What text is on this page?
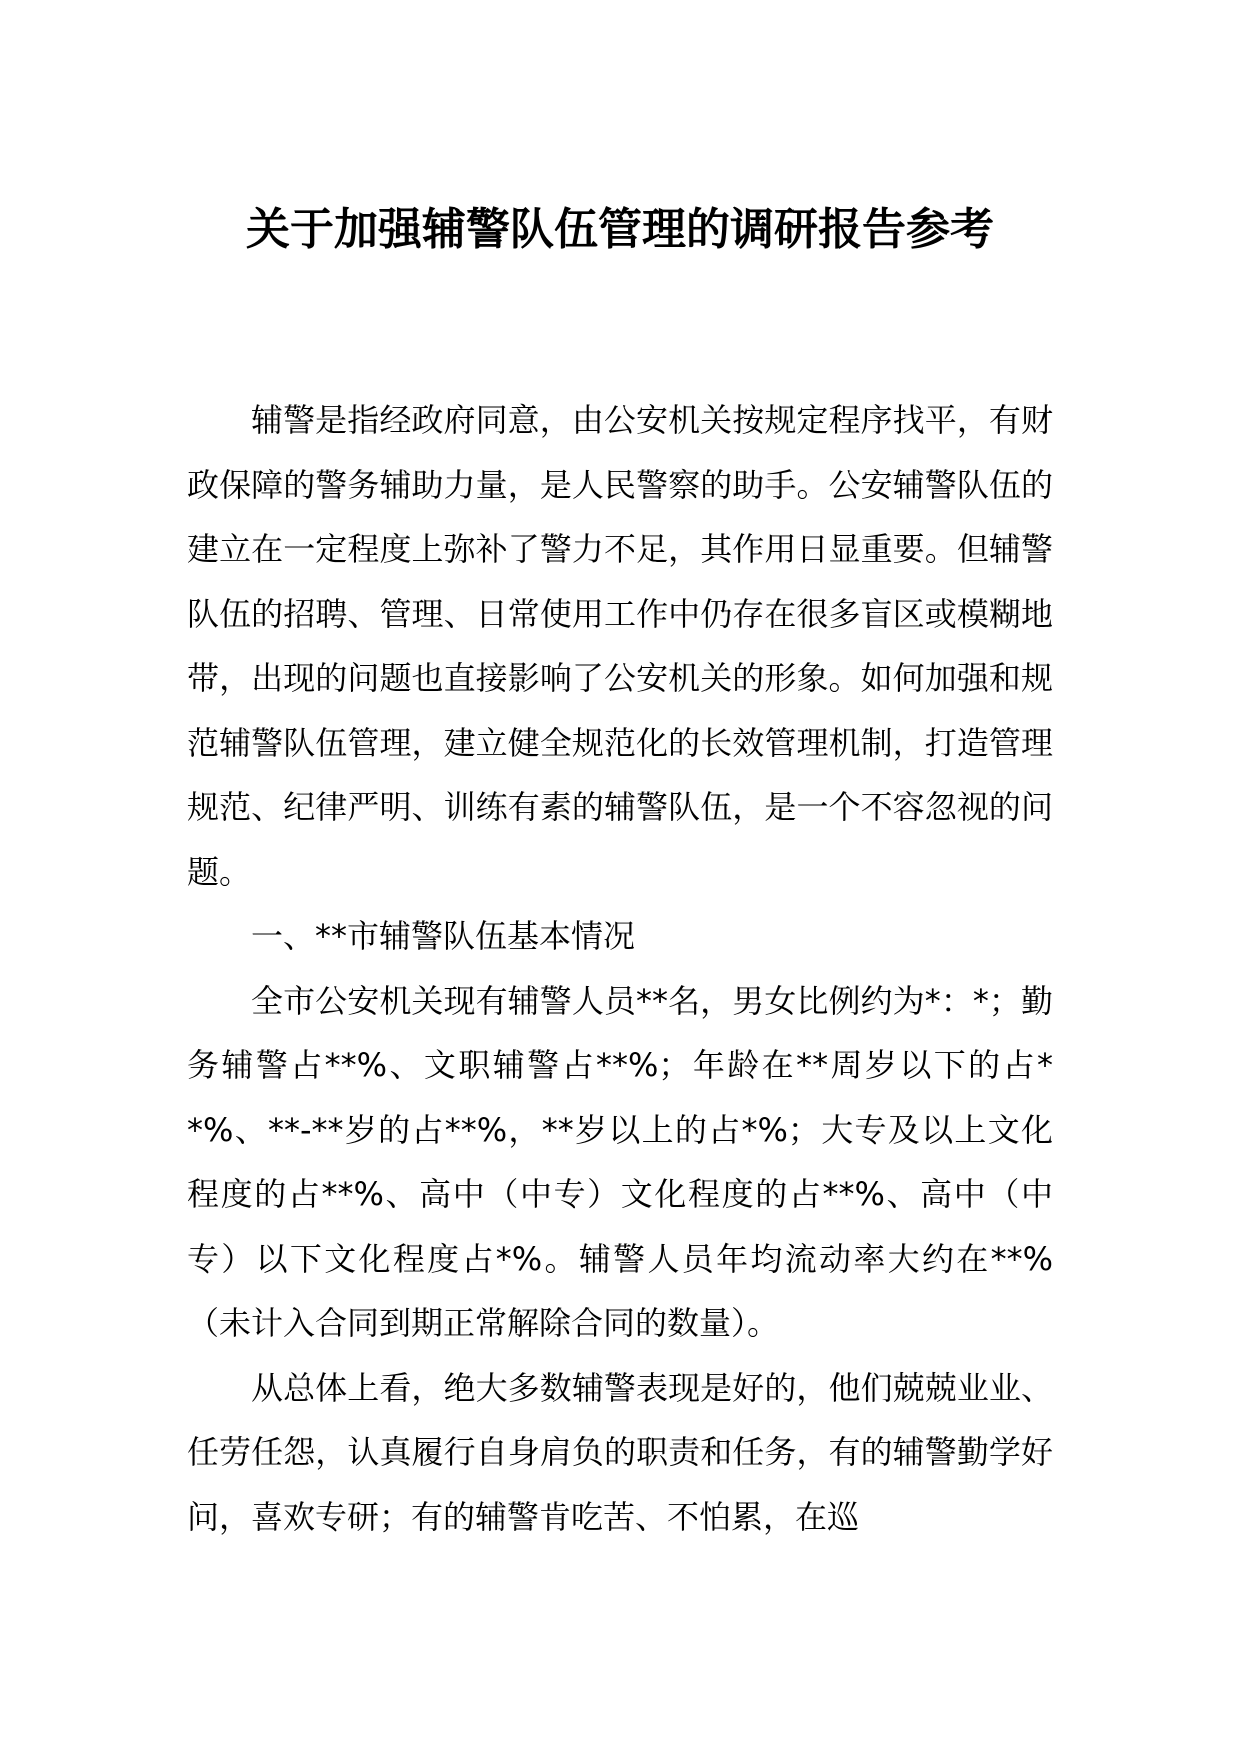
关于加强辅警队伍管理的调研报告参考

辅警是指经政府同意，由公安机关按规定程序找平，有财政保障的警务辅助力量，是人民警察的助手。公安辅警队伍的建立在一定程度上弥补了警力不足，其作用日显重要。但辅警队伍的招聘、管理、日常使用工作中仍存在很多盲区或模糊地带，出现的问题也直接影响了公安机关的形象。如何加强和规范辅警队伍管理，建立健全规范化的长效管理机制，打造管理规范、纪律严明、训练有素的辅警队伍，是一个不容忽视的问题。

一、**市辅警队伍基本情况

全市公安机关现有辅警人员**名，男女比例约为*：*；勤务辅警占**%、文职辅警占**%；年龄在**周岁以下的占**%、**-**岁的占**%，**岁以上的占*%；大专及以上文化程度的占**%、高中（中专）文化程度的占**%、高中（中专）以下文化程度占*%。辅警人员年均流动率大约在**%（未计入合同到期正常解除合同的数量）。

从总体上看，绝大多数辅警表现是好的，他们兢兢业业、任劳任怨，认真履行自身肩负的职责和任务，有的辅警勤学好问，喜欢专研；有的辅警肯吃苦、不怕累，在巡
